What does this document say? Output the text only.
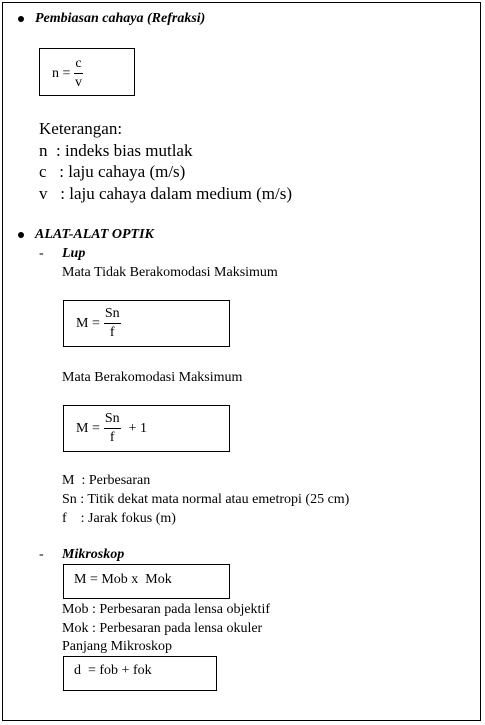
Pembiasan cahaya (Refraksi)
$n = \frac{c}{v}$
Keterangan:
n  : indeks bias mutlak
c   : laju cahaya (m/s)
v   : laju cahaya dalam medium (m/s)
ALAT-ALAT OPTIK
- Lup
Mata Tidak Berakomodasi Maksimum
$M = \frac{Sn}{f}$
Mata Berakomodasi Maksimum
$M = \frac{Sn}{f} + 1$
M  : Perbesaran
Sn : Titik dekat mata normal atau emetropi (25 cm)
f    : Jarak fokus (m)
- Mikroskop
M = Mob x  Mok
Mob : Perbesaran pada lensa objektif
Mok : Perbesaran pada lensa okuler
Panjang Mikroskop
d  = fob + fok
